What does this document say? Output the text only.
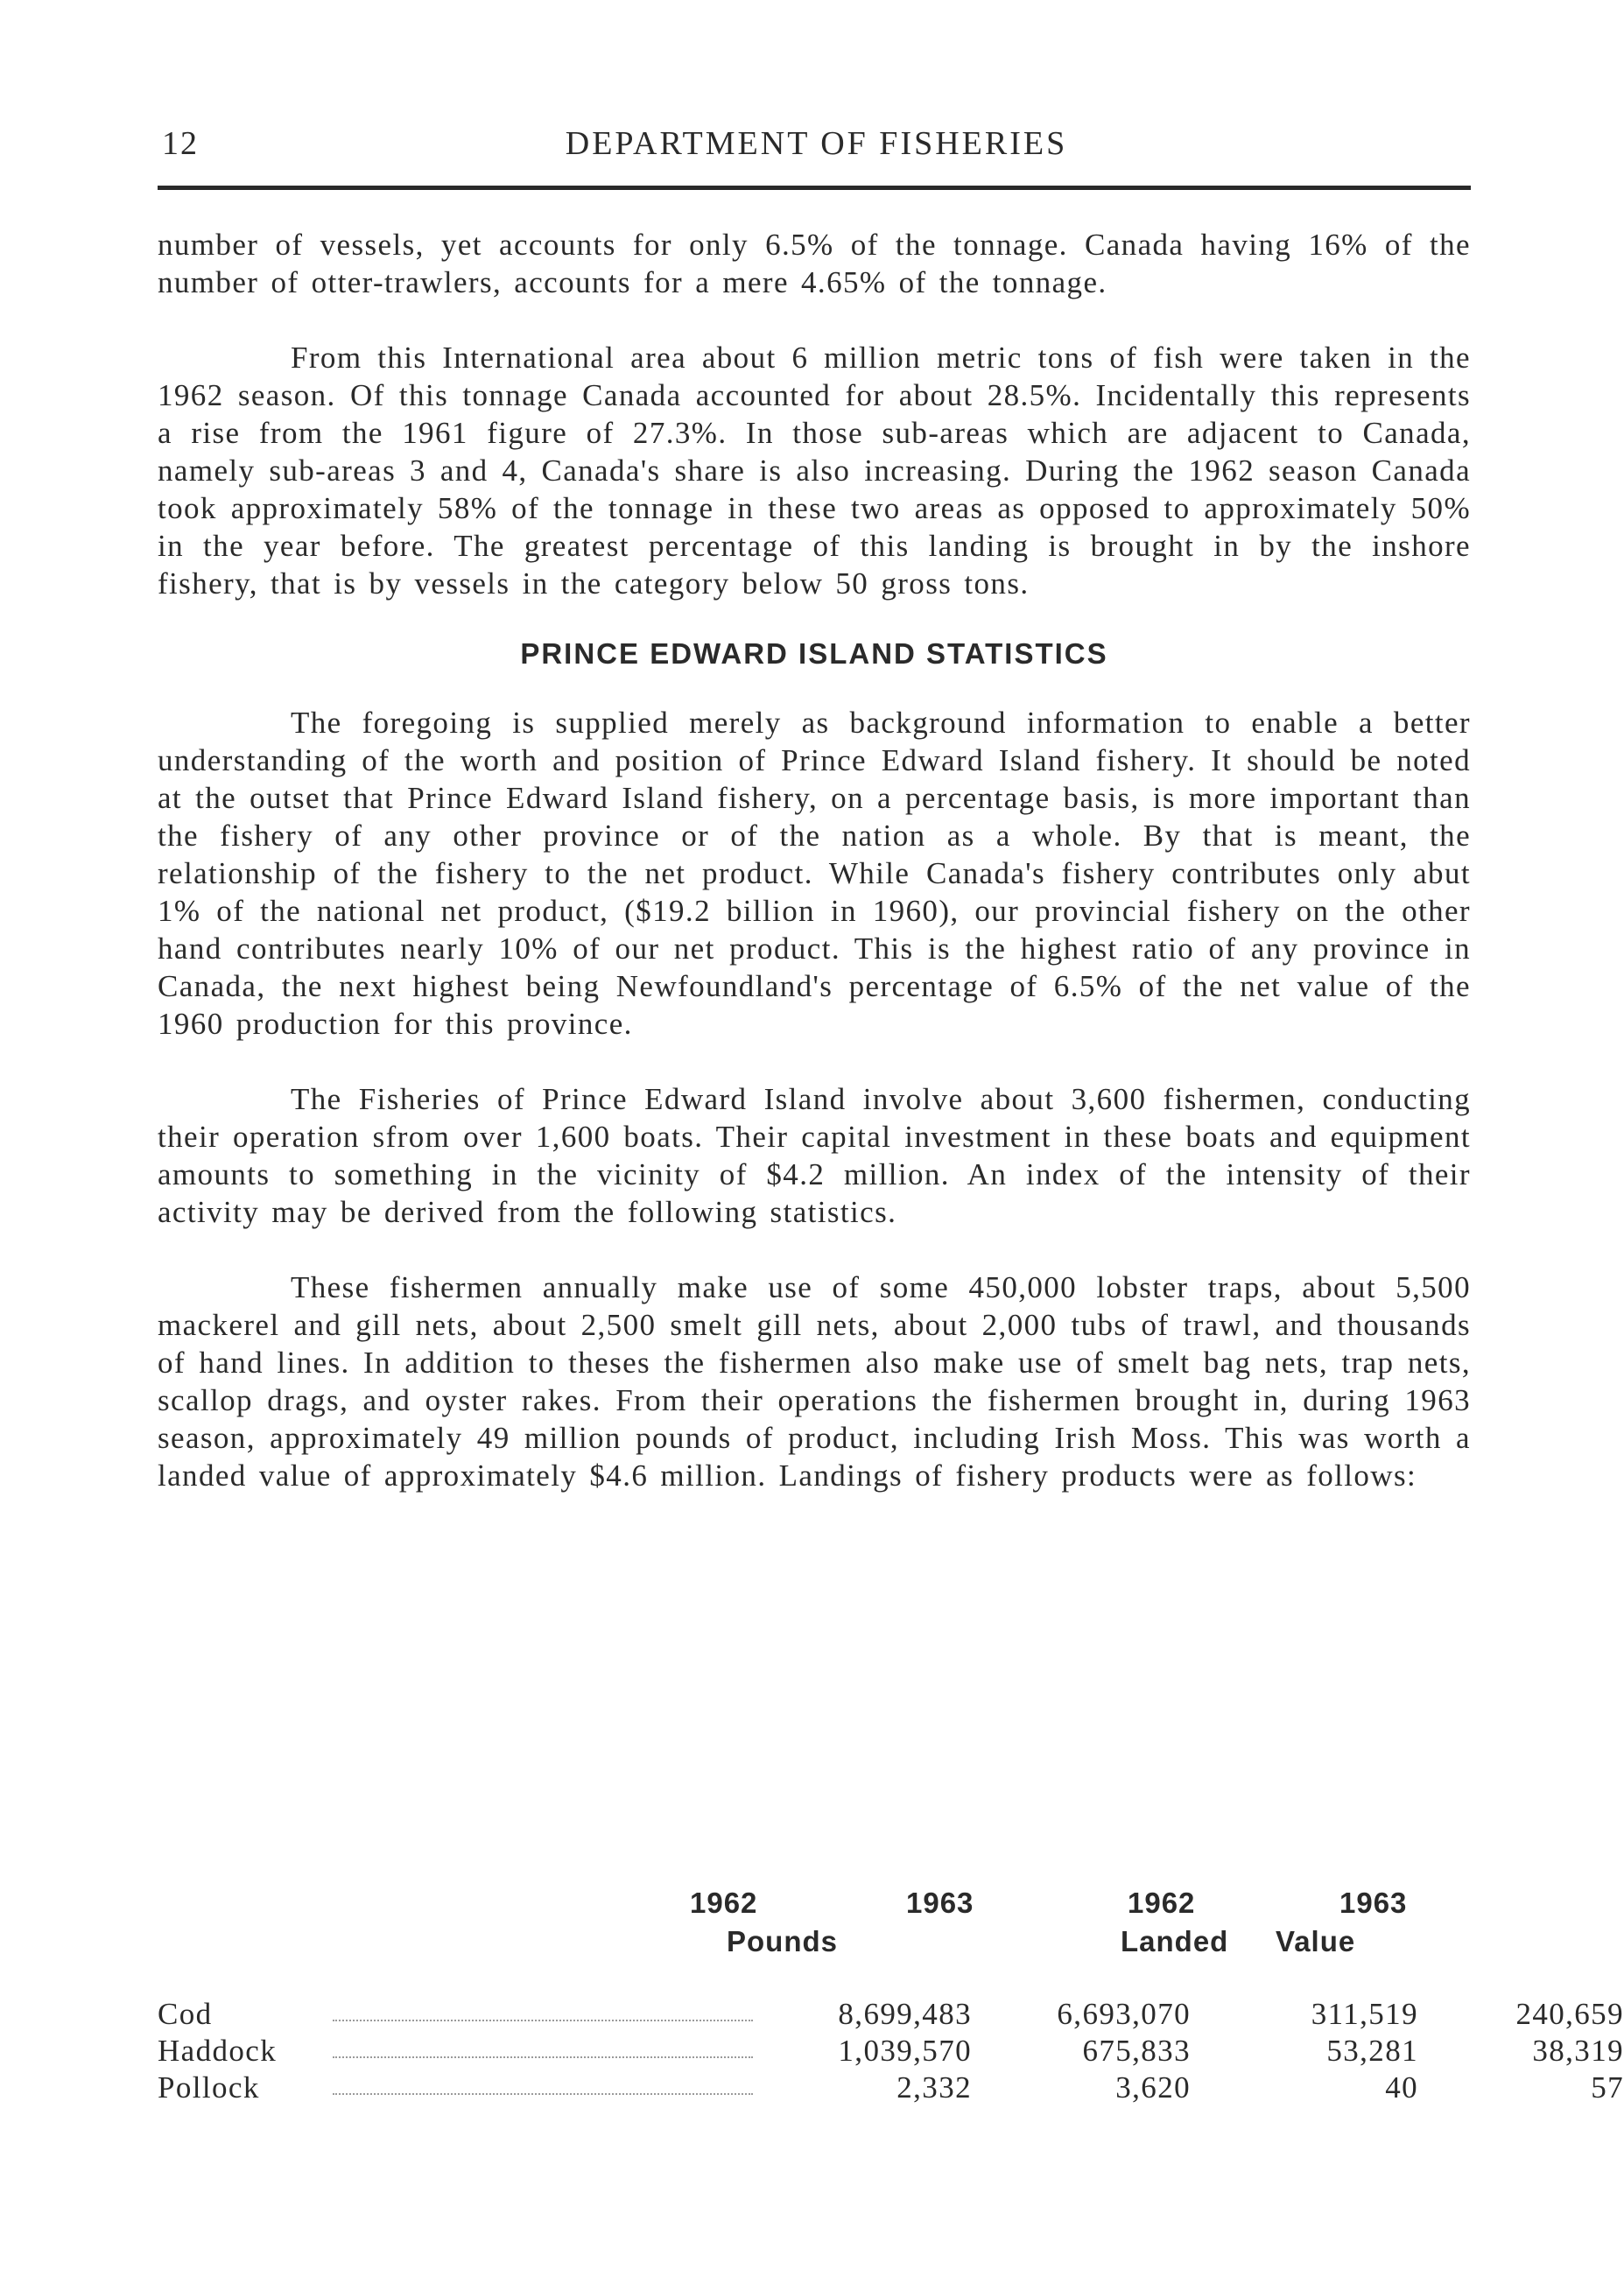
12	DEPARTMENT OF FISHERIES

number of vessels, yet accounts for only 6.5% of the tonnage. Canada having 16% of the number of otter-trawlers, accounts for a mere 4.65% of the tonnage.

From this International area about 6 million metric tons of fish were taken in the 1962 season. Of this tonnage Canada accounted for about 28.5%. Incidentally this represents a rise from the 1961 figure of 27.3%. In those sub-areas which are adjacent to Canada, namely sub-areas 3 and 4, Canada's share is also increasing. During the 1962 season Canada took approximately 58% of the tonnage in these two areas as opposed to approximately 50% in the year before. The greatest percentage of this landing is brought in by the inshore fishery, that is by vessels in the category below 50 gross tons.

PRINCE EDWARD ISLAND STATISTICS

The foregoing is supplied merely as background information to enable a better understanding of the worth and position of Prince Edward Island fishery. It should be noted at the outset that Prince Edward Island fishery, on a percentage basis, is more important than the fishery of any other province or of the nation as a whole. By that is meant, the relationship of the fishery to the net product. While Canada's fishery contributes only abut 1% of the national net product, ($19.2 billion in 1960), our provincial fishery on the other hand contributes nearly 10% of our net product. This is the highest ratio of any province in Canada, the next highest being Newfoundland's percentage of 6.5% of the net value of the 1960 production for this province.

The Fisheries of Prince Edward Island involve about 3,600 fishermen, conducting their operation sfrom over 1,600 boats. Their capital investment in these boats and equipment amounts to something in the vicinity of $4.2 million. An index of the intensity of their activity may be derived from the following statistics.

These fishermen annually make use of some 450,000 lobster traps, about 5,500 mackerel and gill nets, about 2,500 smelt gill nets, about 2,000 tubs of trawl, and thousands of hand lines. In addition to theses the fishermen also make use of smelt bag nets, trap nets, scallop drags, and oyster rakes. From their operations the fishermen brought in, during 1963 season, approximately 49 million pounds of product, including Irish Moss. This was worth a landed value of approximately $4.6 million. Landings of fishery products were as follows:

1962	1963	1962	1963
Pounds	Landed Value
Cod	8,699,483	6,693,070	311,519	240,659
Haddock	1,039,570	675,833	53,281	38,319
Pollock	2,332	3,620	40	57
